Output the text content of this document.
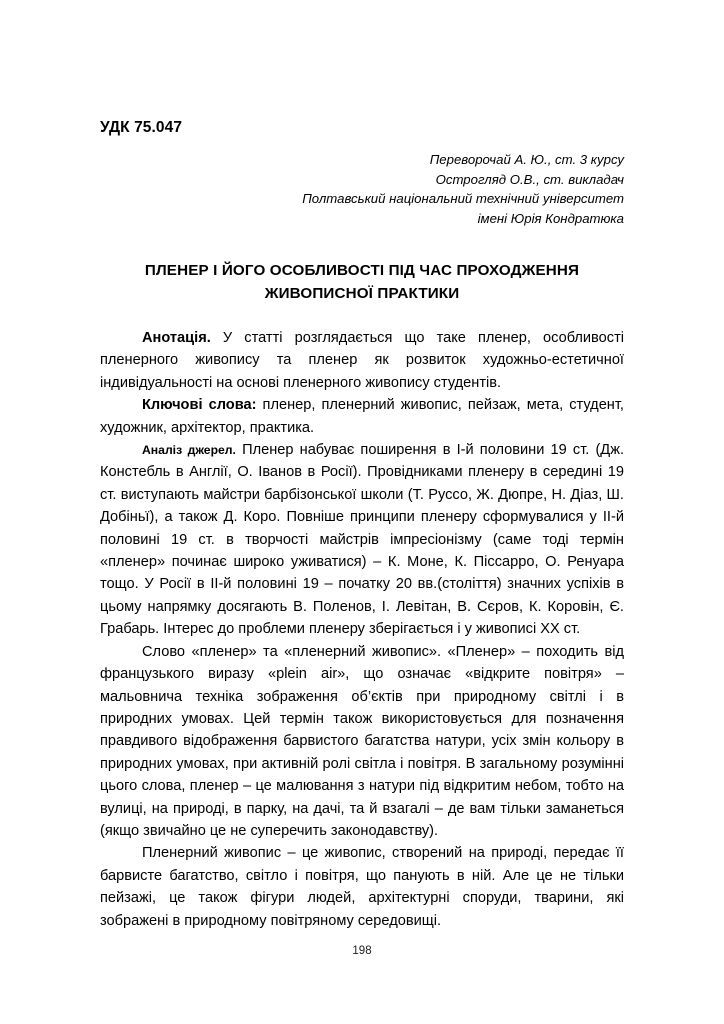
УДК 75.047
Переворочай А. Ю., ст. 3 курсу
Острогляд О.В., ст. викладач
Полтавський національний технічний університет
імені Юрія Кондратюка
ПЛЕНЕР І ЙОГО ОСОБЛИВОСТІ ПІД ЧАС ПРОХОДЖЕННЯ
ЖИВОПИСНОЇ ПРАКТИКИ

Анотація. У статті розглядається що таке пленер, особливості пленерного живопису та пленер як розвиток художньо-естетичної індивідуальності на основі пленерного живопису студентів.

Ключові слова: пленер, пленерний живопис, пейзаж, мета, студент, художник, архітектор, практика.

Аналіз джерел. Пленер набуває поширення в I-й половини 19 ст. (Дж. Констебль в Англії, О. Іванов в Росії). Провідниками пленеру в середині 19 ст. виступають майстри барбізонської школи (Т. Руссо, Ж. Дюпре, Н. Діаз, Ш. Добіньї), а також Д. Коро. Повніше принципи пленеру сформувалися у II-й половині 19 ст. в творчості майстрів імпресіонізму (саме тоді термін «пленер» починає широко уживатися) – К. Моне, К. Піссарро, О. Ренуара тощо. У Росії в II-й половині 19 – початку 20 вв.(століття) значних успіхів в цьому напрямку досягають В. Поленов, І. Левітан, В. Сєров, К. Коровін, Є. Грабарь. Інтерес до проблеми пленеру зберігається і у живописі XX ст.

Слово «пленер» та «пленерний живопис». «Пленер» – походить від французького виразу «plein air», що означає «відкрите повітря» – мальовнича техніка зображення об’єктів при природному світлі і в природних умовах. Цей термін також використовується для позначення правдивого відображення барвистого багатства натури, усіх змін кольору в природних умовах, при активній ролі світла і повітря. В загальному розумінні цього слова, пленер – це малювання з натури під відкритим небом, тобто на вулиці, на природі, в парку, на дачі, та й взагалі – де вам тільки заманеться (якщо звичайно це не суперечить законодавству).

Пленерний живопис – це живопис, створений на природі, передає її барвисте багатство, світло і повітря, що панують в ній. Але це не тільки пейзажі, це також фігури людей, архітектурні споруди, тварини, які зображені в природному повітряному середовищі.

198
